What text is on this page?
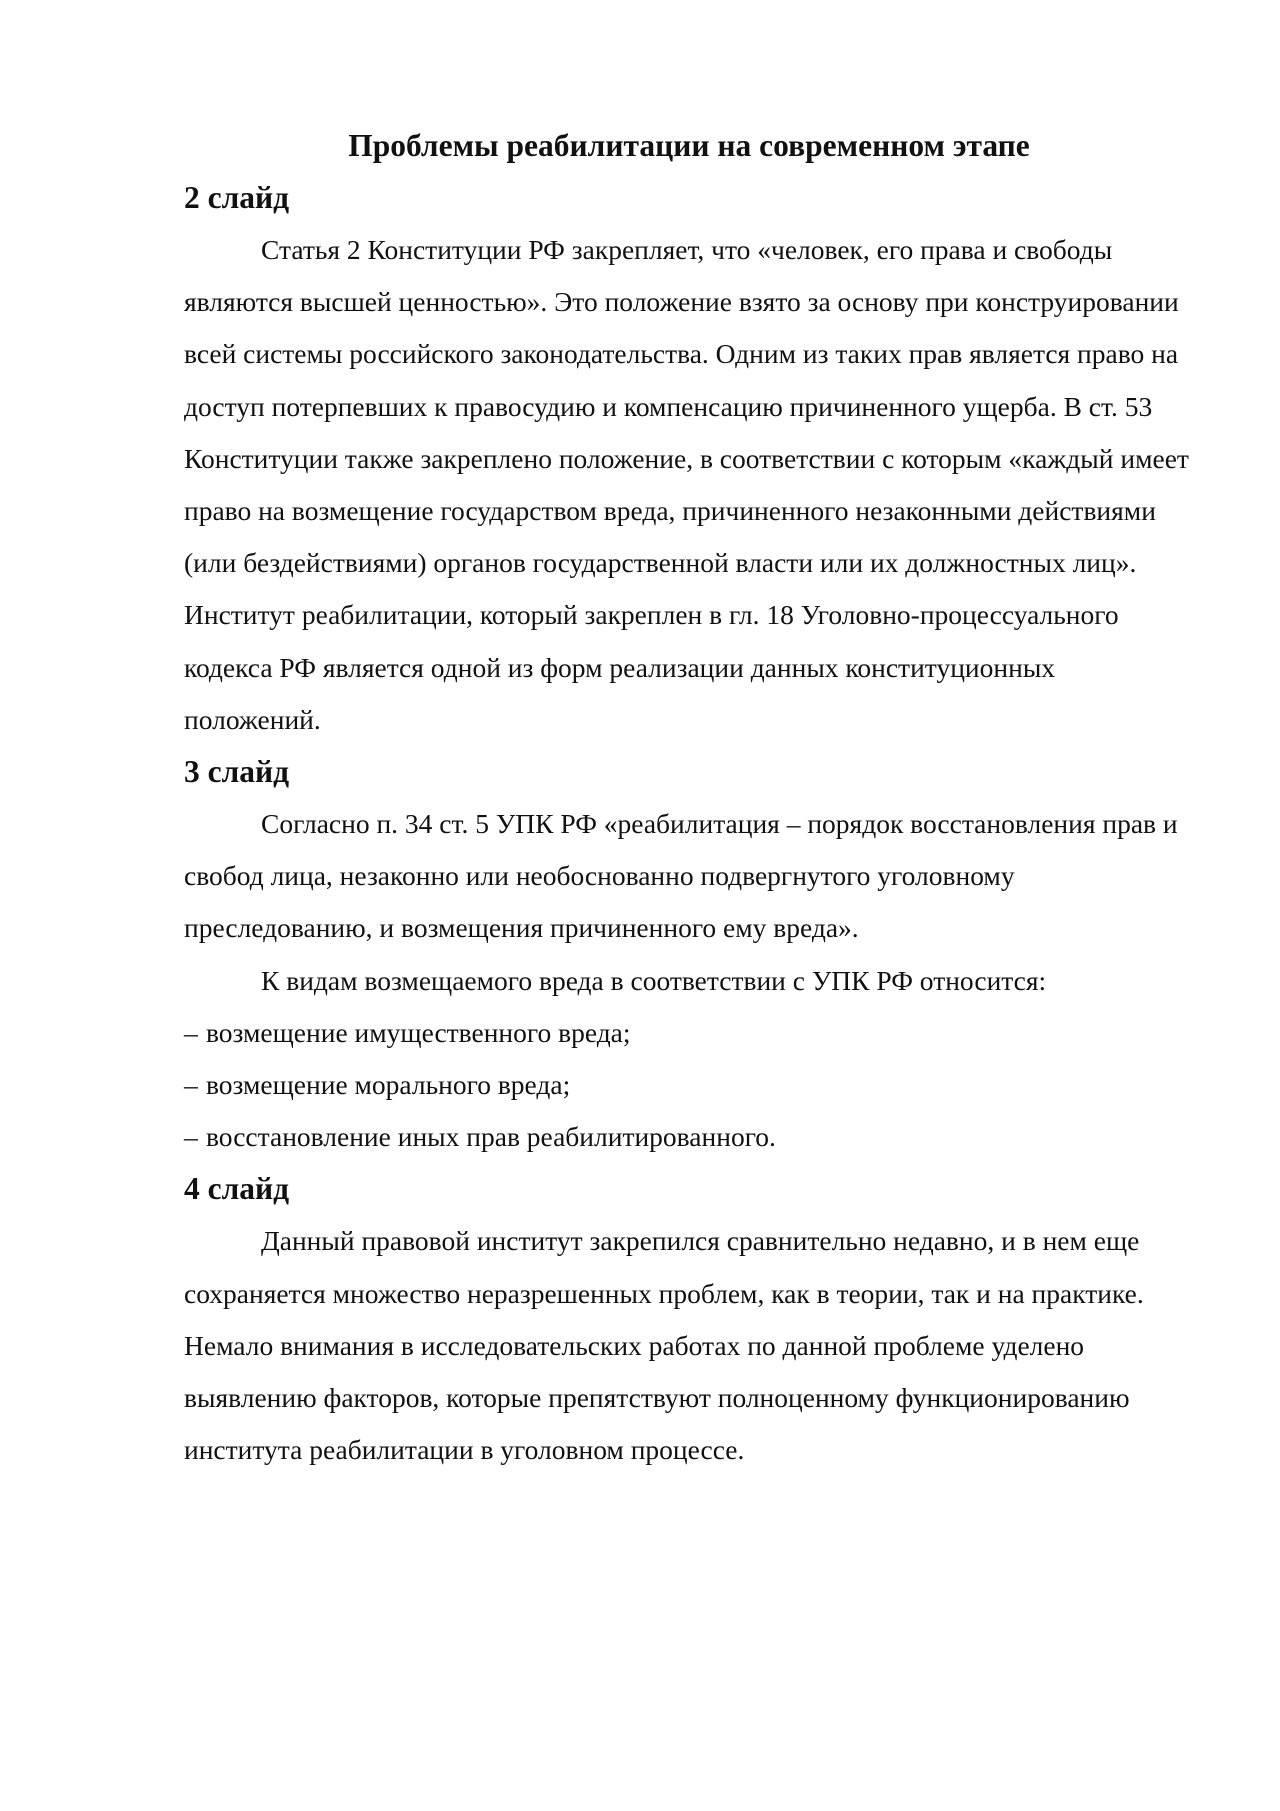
Проблемы реабилитации на современном этапе
2 слайд

Статья 2 Конституции РФ закрепляет, что «человек, его права и свободы являются высшей ценностью». Это положение взято за основу при конструировании всей системы российского законодательства. Одним из таких прав является право на доступ потерпевших к правосудию и компенсацию причиненного ущерба. В ст. 53 Конституции также закреплено положение, в соответствии с которым «каждый имеет право на возмещение государством вреда, причиненного незаконными действиями (или бездействиями) органов государственной власти или их должностных лиц». Институт реабилитации, который закреплен в гл. 18 Уголовно-процессуального кодекса РФ является одной из форм реализации данных конституционных положений.

3 слайд

Согласно п. 34 ст. 5 УПК РФ «реабилитация – порядок восстановления прав и свобод лица, незаконно или необоснованно подвергнутого уголовному преследованию, и возмещения причиненного ему вреда».

К видам возмещаемого вреда в соответствии с УПК РФ относится:

– возмещение имущественного вреда;

– возмещение морального вреда;

– восстановление иных прав реабилитированного.

4 слайд

Данный правовой институт закрепился сравнительно недавно, и в нем еще сохраняется множество неразрешенных проблем, как в теории, так и на практике. Немало внимания в исследовательских работах по данной проблеме уделено выявлению факторов, которые препятствуют полноценному функционированию института реабилитации в уголовном процессе.
